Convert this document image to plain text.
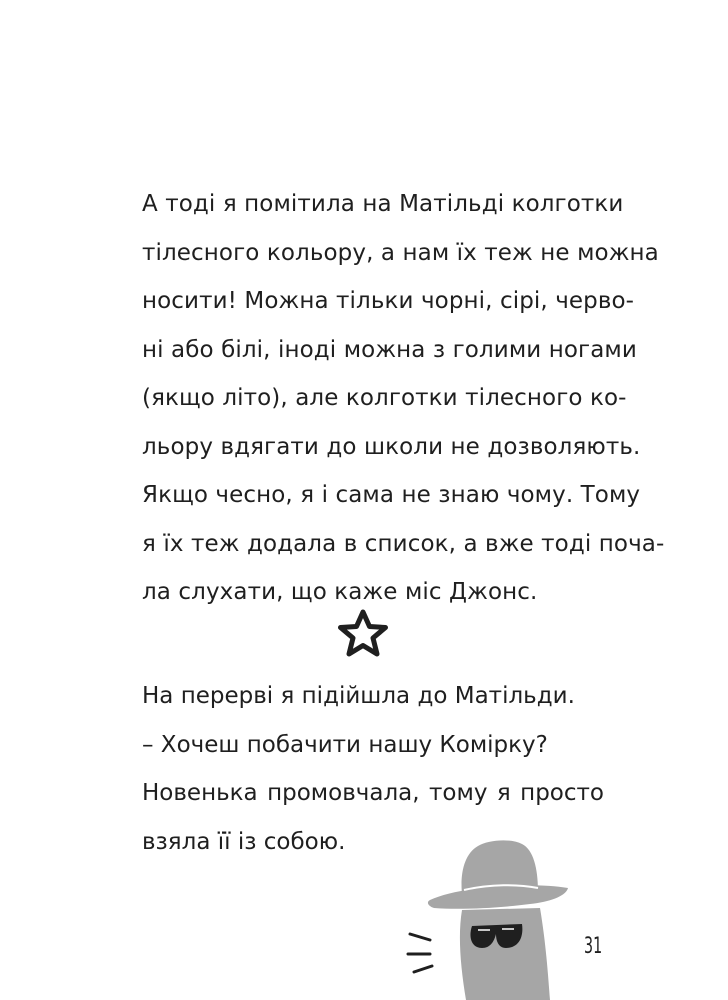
А тоді я помітила на Матільді колготки
тілесного кольору, а нам їх теж не можна
носити! Можна тільки чорні, сірі, черво-
ні або білі, іноді можна з голими ногами
(якщо літо), але колготки тілесного ко-
льору вдягати до школи не дозволяють.
Якщо чесно, я і сама не знаю чому. Тому
я їх теж додала в список, а вже тоді поча-
ла слухати, що каже міс Джонс.
На перерві я підійшла до Матільди.
– Хочеш побачити нашу Комірку?
Новенька промовчала, тому я просто
взяла її із собою.
31
